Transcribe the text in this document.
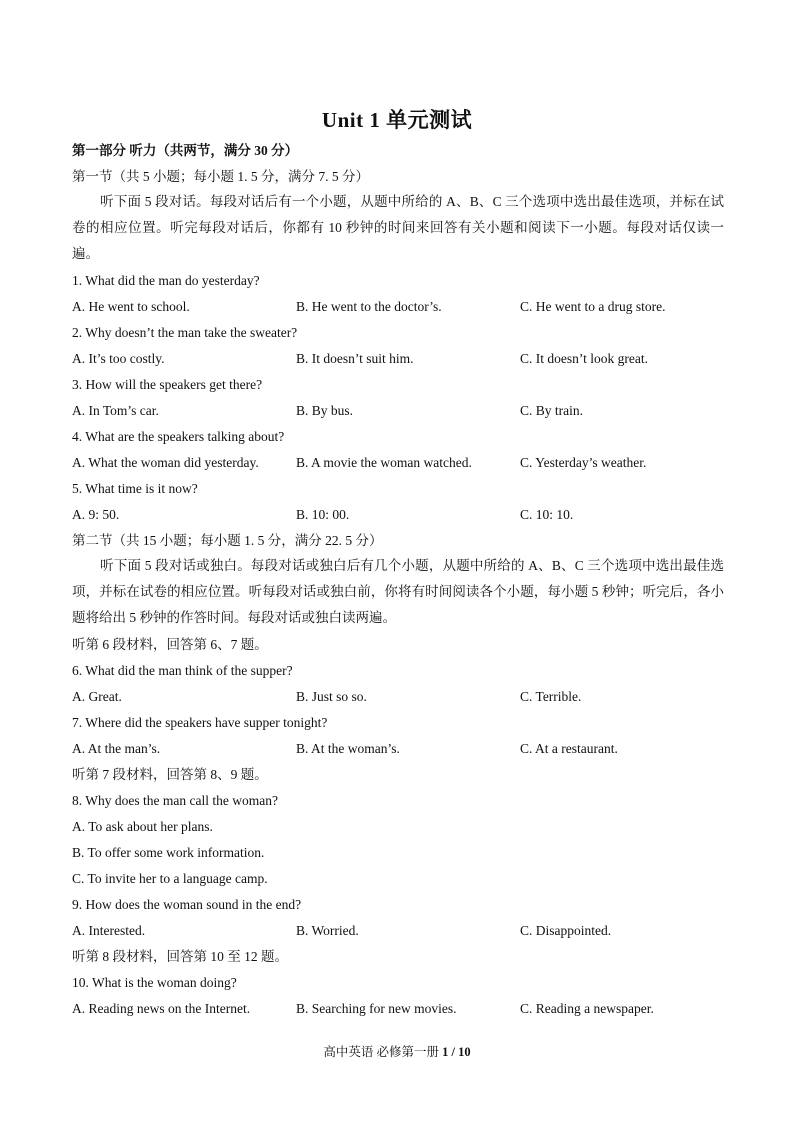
Unit 1 单元测试
第一部分 听力（共两节，满分 30 分）
第一节（共 5 小题；每小题 1. 5 分，满分 7. 5 分）
听下面 5 段对话。每段对话后有一个小题，从题中所给的 A、B、C 三个选项中选出最佳选项，并标在试卷的相应位置。听完每段对话后，你都有 10 秒钟的时间来回答有关小题和阅读下一小题。每段对话仅读一遍。
1. What did the man do yesterday?
A. He went to school.	B. He went to the doctor’s.	C. He went to a drug store.
2. Why doesn’t the man take the sweater?
A. It’s too costly.	B. It doesn’t suit him.	C. It doesn’t look great.
3. How will the speakers get there?
A. In Tom’s car.	B. By bus.	C. By train.
4. What are the speakers talking about?
A. What the woman did yesterday.	B. A movie the woman watched.	C. Yesterday’s weather.
5. What time is it now?
A. 9: 50.	B. 10: 00.	C. 10: 10.
第二节（共 15 小题；每小题 1. 5 分，满分 22. 5 分）
听下面 5 段对话或独白。每段对话或独白后有几个小题，从题中所给的 A、B、C 三个选项中选出最佳选项，并标在试卷的相应位置。听每段对话或独白前，你将有时间阅读各个小题，每小题 5 秒钟；听完后，各小题将给出 5 秒钟的作答时间。每段对话或独白读两遍。
听第 6 段材料，回答第 6、7 题。
6. What did the man think of the supper?
A. Great.	B. Just so so.	C. Terrible.
7. Where did the speakers have supper tonight?
A. At the man’s.	B. At the woman’s.	C. At a restaurant.
听第 7 段材料，回答第 8、9 题。
8. Why does the man call the woman?
A. To ask about her plans.
B. To offer some work information.
C. To invite her to a language camp.
9. How does the woman sound in the end?
A. Interested.	B. Worried.	C. Disappointed.
听第 8 段材料，回答第 10 至 12 题。
10. What is the woman doing?
A. Reading news on the Internet.	B. Searching for new movies.	C. Reading a newspaper.
高中英语 必修第一册 1 / 10
